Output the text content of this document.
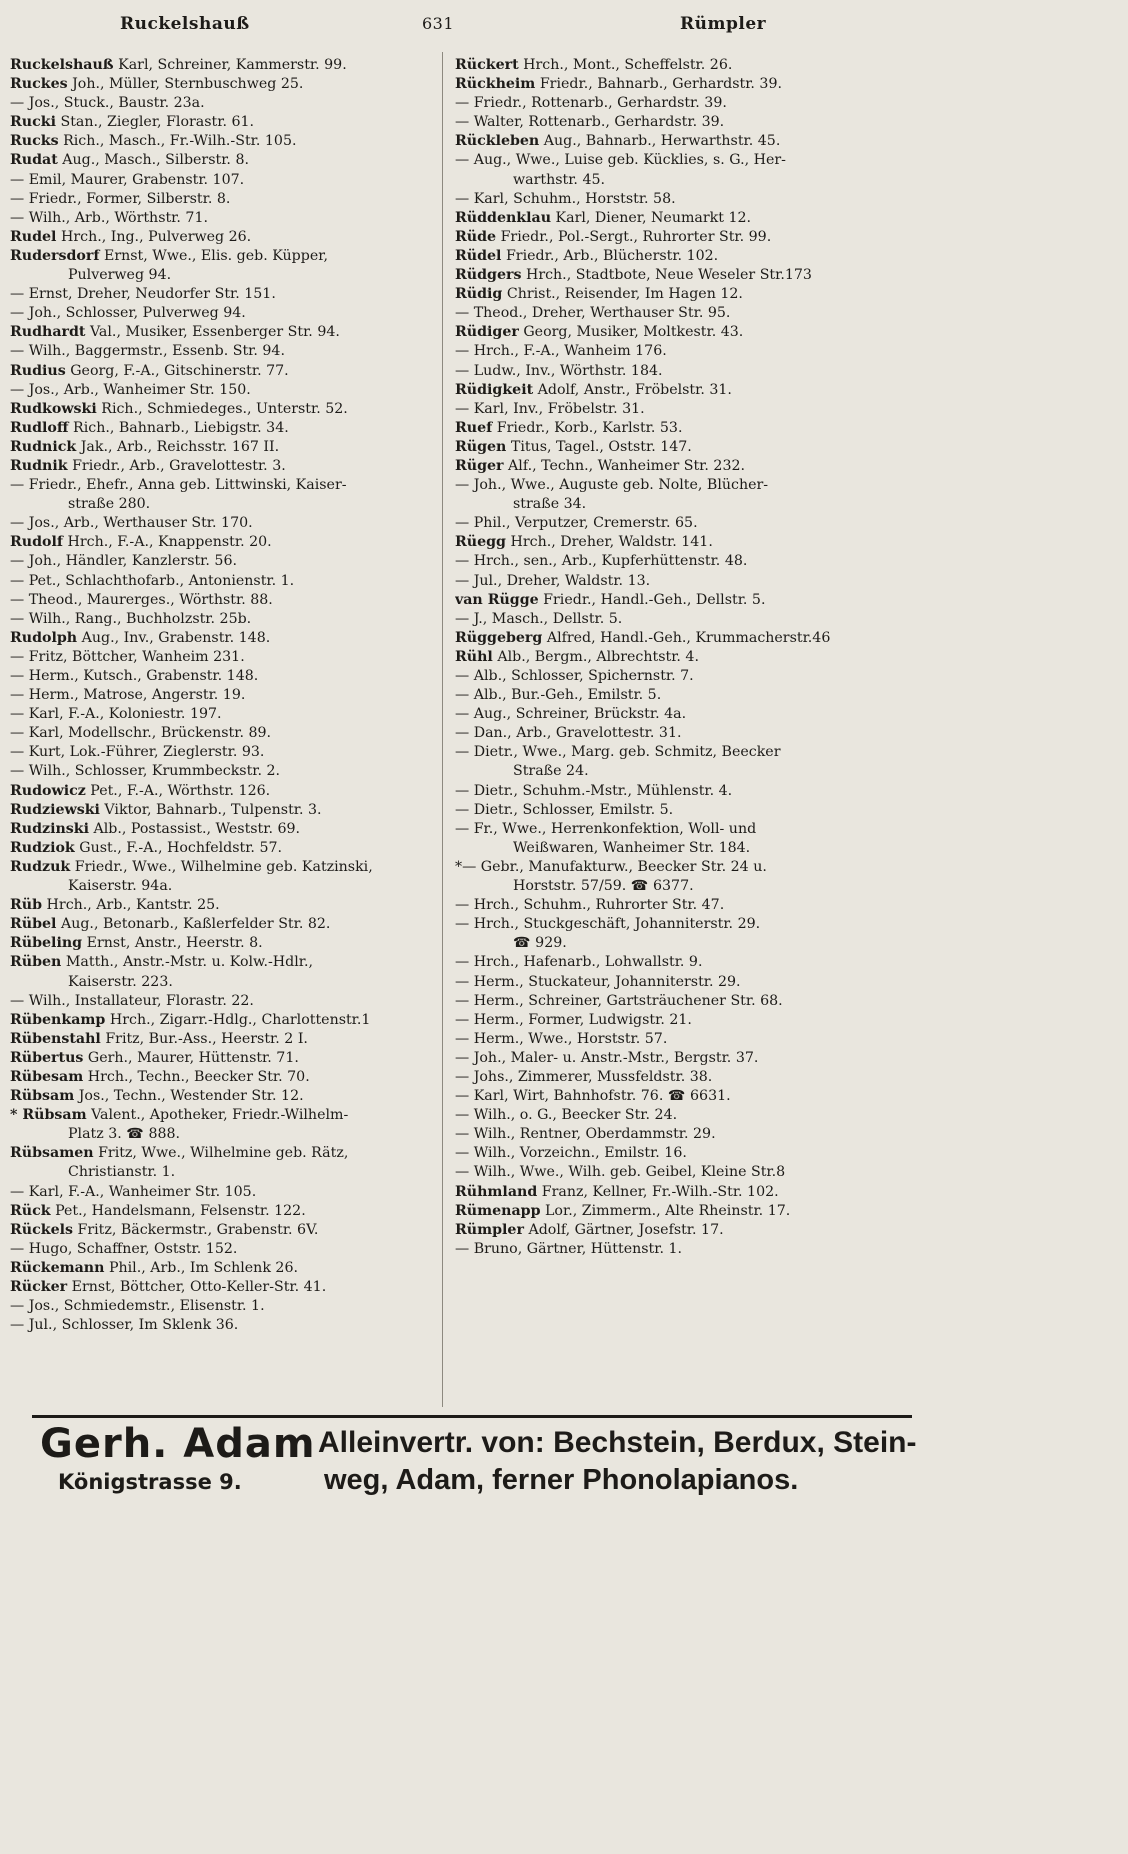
Ruckelshauß	631	Rümpler
Ruckelshauß Karl, Schreiner, Kammerstr. 99.
Ruckes Joh., Müller, Sternbuschweg 25.
— Jos., Stuck., Baustr. 23a.
Rucki Stan., Ziegler, Florastr. 61.
Rucks Rich., Masch., Fr.-Wilh.-Str. 105.
Rudat Aug., Masch., Silberstr. 8.
— Emil, Maurer, Grabenstr. 107.
— Friedr., Former, Silberstr. 8.
— Wilh., Arb., Wörthstr. 71.
Rudel Hrch., Ing., Pulverweg 26.
Rudersdorf Ernst, Wwe., Elis. geb. Küpper,
Pulverweg 94.
— Ernst, Dreher, Neudorfer Str. 151.
— Joh., Schlosser, Pulverweg 94.
Rudhardt Val., Musiker, Essenberger Str. 94.
— Wilh., Baggermstr., Essenb. Str. 94.
Rudius Georg, F.-A., Gitschinerstr. 77.
— Jos., Arb., Wanheimer Str. 150.
Rudkowski Rich., Schmiedeges., Unterstr. 52.
Rudloff Rich., Bahnarb., Liebigstr. 34.
Rudnick Jak., Arb., Reichsstr. 167 II.
Rudnik Friedr., Arb., Gravelottestr. 3.
— Friedr., Ehefr., Anna geb. Littwinski, Kaiser-
straße 280.
— Jos., Arb., Werthauser Str. 170.
Rudolf Hrch., F.-A., Knappenstr. 20.
— Joh., Händler, Kanzlerstr. 56.
— Pet., Schlachthofarb., Antonienstr. 1.
— Theod., Maurerges., Wörthstr. 88.
— Wilh., Rang., Buchholzstr. 25b.
Rudolph Aug., Inv., Grabenstr. 148.
— Fritz, Böttcher, Wanheim 231.
— Herm., Kutsch., Grabenstr. 148.
— Herm., Matrose, Angerstr. 19.
— Karl, F.-A., Koloniestr. 197.
— Karl, Modellschr., Brückenstr. 89.
— Kurt, Lok.-Führer, Zieglerstr. 93.
— Wilh., Schlosser, Krummbeckstr. 2.
Rudowicz Pet., F.-A., Wörthstr. 126.
Rudziewski Viktor, Bahnarb., Tulpenstr. 3.
Rudzinski Alb., Postassist., Weststr. 69.
Rudziok Gust., F.-A., Hochfeldstr. 57.
Rudzuk Friedr., Wwe., Wilhelmine geb. Katzinski,
Kaiserstr. 94a.
Rüb Hrch., Arb., Kantstr. 25.
Rübel Aug., Betonarb., Kaßlerfelder Str. 82.
Rübeling Ernst, Anstr., Heerstr. 8.
Rüben Matth., Anstr.-Mstr. u. Kolw.-Hdlr.,
Kaiserstr. 223.
— Wilh., Installateur, Florastr. 22.
Rübenkamp Hrch., Zigarr.-Hdlg., Charlottenstr.1
Rübenstahl Fritz, Bur.-Ass., Heerstr. 2 I.
Rübertus Gerh., Maurer, Hüttenstr. 71.
Rübesam Hrch., Techn., Beecker Str. 70.
Rübsam Jos., Techn., Westender Str. 12.
* Rübsam Valent., Apotheker, Friedr.-Wilhelm-
Platz 3. ☎ 888.
Rübsamen Fritz, Wwe., Wilhelmine geb. Rätz,
Christianstr. 1.
— Karl, F.-A., Wanheimer Str. 105.
Rück Pet., Handelsmann, Felsenstr. 122.
Rückels Fritz, Bäckermstr., Grabenstr. 6V.
— Hugo, Schaffner, Oststr. 152.
Rückemann Phil., Arb., Im Schlenk 26.
Rücker Ernst, Böttcher, Otto-Keller-Str. 41.
— Jos., Schmiedemstr., Elisenstr. 1.
— Jul., Schlosser, Im Sklenk 36.
Rückert Hrch., Mont., Scheffelstr. 26.
Rückheim Friedr., Bahnarb., Gerhardstr. 39.
— Friedr., Rottenarb., Gerhardstr. 39.
— Walter, Rottenarb., Gerhardstr. 39.
Rückleben Aug., Bahnarb., Herwarthstr. 45.
— Aug., Wwe., Luise geb. Kücklies, s. G., Her-
warthstr. 45.
— Karl, Schuhm., Horststr. 58.
Rüddenklau Karl, Diener, Neumarkt 12.
Rüde Friedr., Pol.-Sergt., Ruhrorter Str. 99.
Rüdel Friedr., Arb., Blücherstr. 102.
Rüdgers Hrch., Stadtbote, Neue Weseler Str.173
Rüdig Christ., Reisender, Im Hagen 12.
— Theod., Dreher, Werthauser Str. 95.
Rüdiger Georg, Musiker, Moltkestr. 43.
— Hrch., F.-A., Wanheim 176.
— Ludw., Inv., Wörthstr. 184.
Rüdigkeit Adolf, Anstr., Fröbelstr. 31.
— Karl, Inv., Fröbelstr. 31.
Ruef Friedr., Korb., Karlstr. 53.
Rügen Titus, Tagel., Oststr. 147.
Rüger Alf., Techn., Wanheimer Str. 232.
— Joh., Wwe., Auguste geb. Nolte, Blücher-
straße 34.
— Phil., Verputzer, Cremerstr. 65.
Rüegg Hrch., Dreher, Waldstr. 141.
— Hrch., sen., Arb., Kupferhüttenstr. 48.
— Jul., Dreher, Waldstr. 13.
van Rügge Friedr., Handl.-Geh., Dellstr. 5.
— J., Masch., Dellstr. 5.
Rüggeberg Alfred, Handl.-Geh., Krummacherstr.46
Rühl Alb., Bergm., Albrechtstr. 4.
— Alb., Schlosser, Spichernstr. 7.
— Alb., Bur.-Geh., Emilstr. 5.
— Aug., Schreiner, Brückstr. 4a.
— Dan., Arb., Gravelottestr. 31.
— Dietr., Wwe., Marg. geb. Schmitz, Beecker
Straße 24.
— Dietr., Schuhm.-Mstr., Mühlenstr. 4.
— Dietr., Schlosser, Emilstr. 5.
— Fr., Wwe., Herrenkonfektion, Woll- und
Weißwaren, Wanheimer Str. 184.
*— Gebr., Manufakturw., Beecker Str. 24 u.
Horststr. 57/59. ☎ 6377.
— Hrch., Schuhm., Ruhrorter Str. 47.
— Hrch., Stuckgeschäft, Johanniterstr. 29.
☎ 929.
— Hrch., Hafenarb., Lohwallstr. 9.
— Herm., Stuckateur, Johanniterstr. 29.
— Herm., Schreiner, Gartsträuchener Str. 68.
— Herm., Former, Ludwigstr. 21.
— Herm., Wwe., Horststr. 57.
— Joh., Maler- u. Anstr.-Mstr., Bergstr. 37.
— Johs., Zimmerer, Mussfeldstr. 38.
— Karl, Wirt, Bahnhofstr. 76. ☎ 6631.
— Wilh., o. G., Beecker Str. 24.
— Wilh., Rentner, Oberdammstr. 29.
— Wilh., Vorzeichn., Emilstr. 16.
— Wilh., Wwe., Wilh. geb. Geibel, Kleine Str.8
Rühmland Franz, Kellner, Fr.-Wilh.-Str. 102.
Rümenapp Lor., Zimmerm., Alte Rheinstr. 17.
Rümpler Adolf, Gärtner, Josefstr. 17.
— Bruno, Gärtner, Hüttenstr. 1.
Gerh. Adam
Königstrasse 9.
Alleinvertr. von: Bechstein, Berdux, Stein-
weg, Adam, ferner Phonolapianos.
